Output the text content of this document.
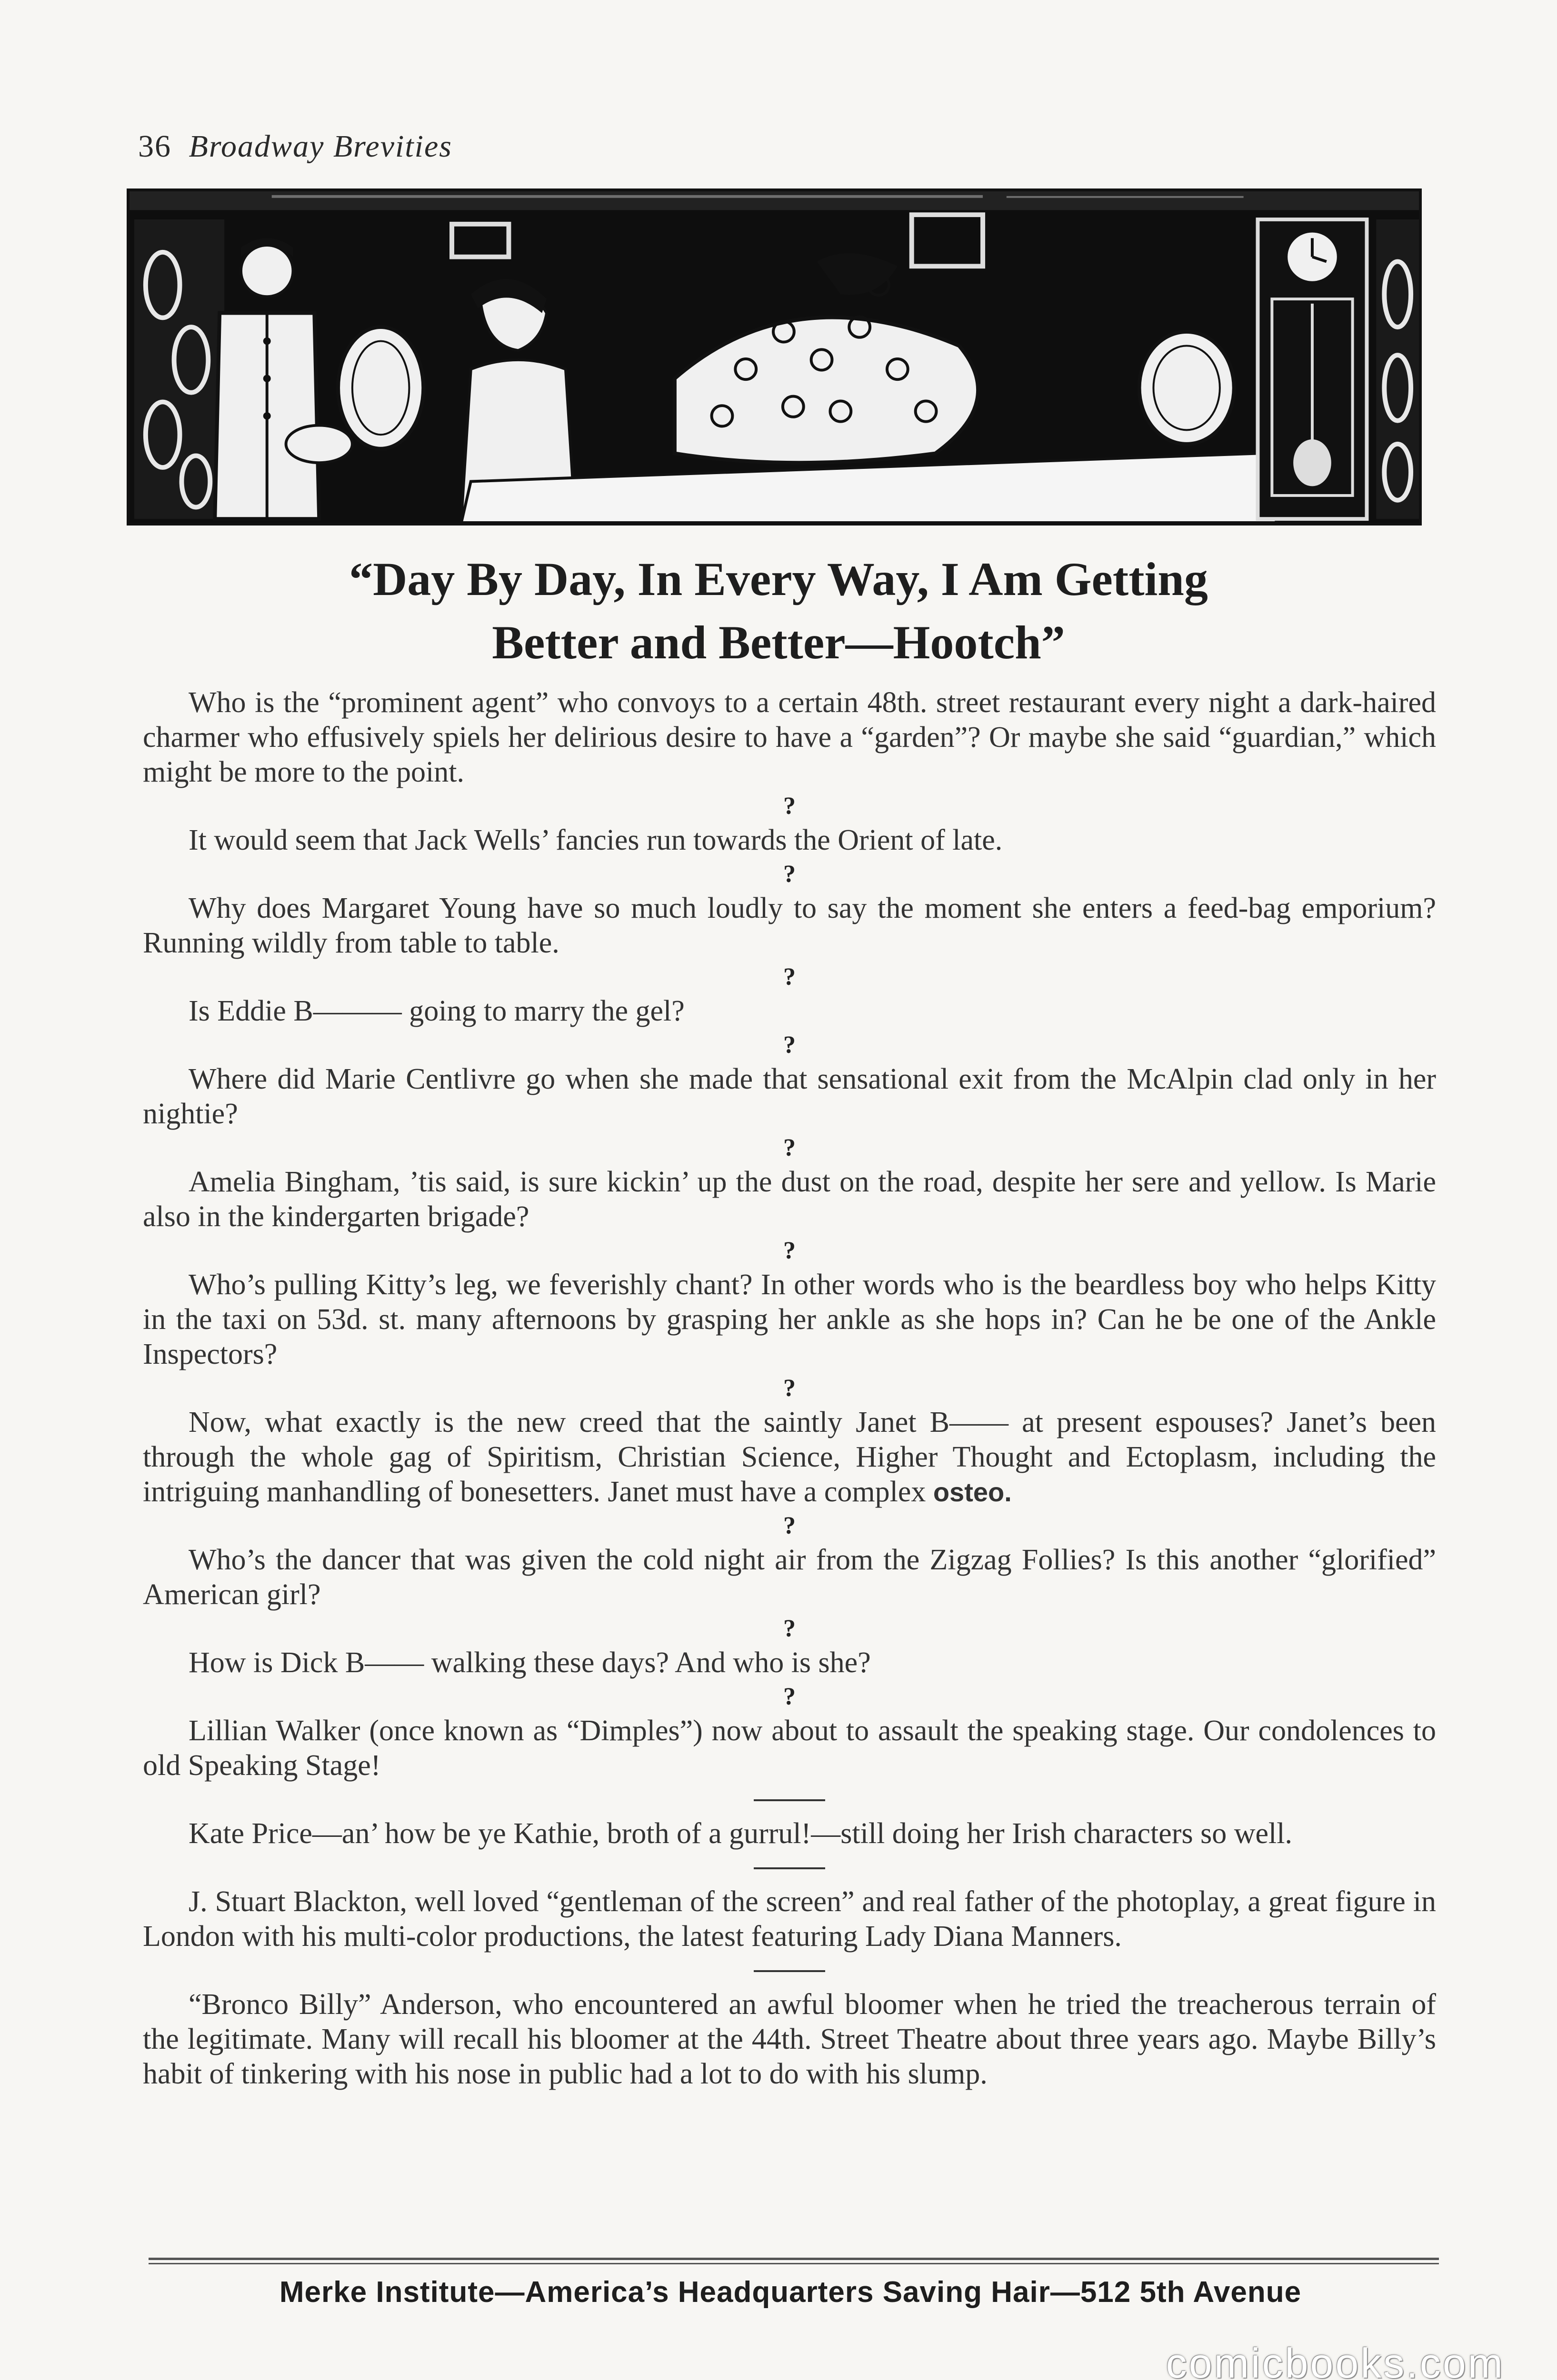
36 Broadway Brevities
“Day By Day, In Every Way, I Am Getting
Better and Better—Hootch”

Who is the “prominent agent” who convoys to a certain 48th. street restaurant every night a dark-haired charmer who effusively spiels her delirious desire to have a “garden”? Or maybe she said “guardian,” which might be more to the point.

?

It would seem that Jack Wells’ fancies run towards the Orient of late.

?

Why does Margaret Young have so much loudly to say the moment she enters a feed-bag emporium? Running wildly from table to table.

?

Is Eddie B——— going to marry the gel?

?

Where did Marie Centlivre go when she made that sensational exit from the McAlpin clad only in her nightie?

?

Amelia Bingham, ’tis said, is sure kickin’ up the dust on the road, despite her sere and yellow. Is Marie also in the kindergarten brigade?

?

Who’s pulling Kitty’s leg, we feverishly chant? In other words who is the beardless boy who helps Kitty in the taxi on 53d. st. many afternoons by grasping her ankle as she hops in? Can he be one of the Ankle Inspectors?

?

Now, what exactly is the new creed that the saintly Janet B—— at present espouses? Janet’s been through the whole gag of Spiritism, Christian Science, Higher Thought and Ectoplasm, including the intriguing manhandling of bonesetters. Janet must have a complex osteo.

?

Who’s the dancer that was given the cold night air from the Zigzag Follies? Is this another “glorified” American girl?

?

How is Dick B—— walking these days? And who is she?

?

Lillian Walker (once known as “Dimples”) now about to assault the speaking stage. Our condolences to old Speaking Stage!

Kate Price—an’ how be ye Kathie, broth of a gurrul!—still doing her Irish characters so well.

J. Stuart Blackton, well loved “gentleman of the screen” and real father of the photoplay, a great figure in London with his multi-color productions, the latest featuring Lady Diana Manners.

“Bronco Billy” Anderson, who encountered an awful bloomer when he tried the treacherous terrain of the legitimate. Many will recall his bloomer at the 44th. Street Theatre about three years ago. Maybe Billy’s habit of tinkering with his nose in public had a lot to do with his slump.

Merke Institute—America’s Headquarters Saving Hair—512 5th Avenue
comicbooks.com
